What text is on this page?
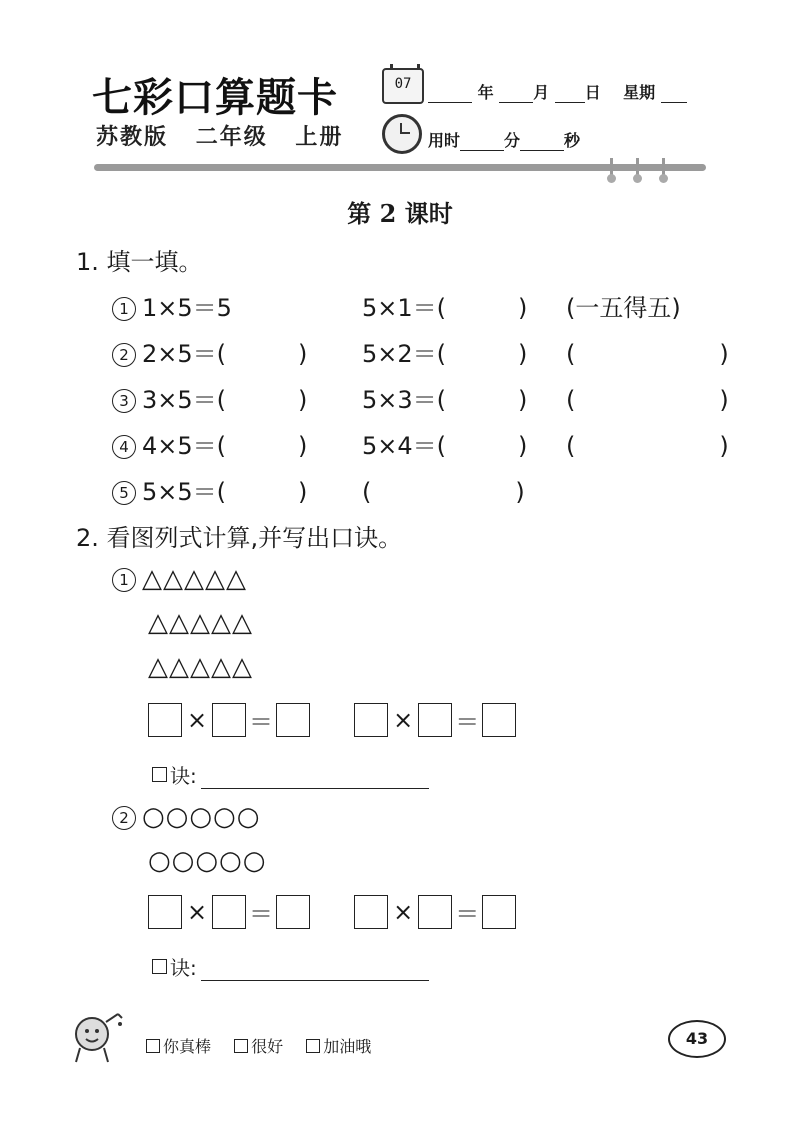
七彩口算题卡
苏教版 二年级 上册
07	年 月 日 星期
用时	分	秒
第 2 课时
1. 填一填。
1 1×5＝5	5×1＝(　　　) (一五得五)
2 2×5＝(　　　) 5×2＝(　　　) (　　　　　　)
3 3×5＝(　　　) 5×3＝(　　　) (　　　　　　)
4 4×5＝(　　　) 5×4＝(　　　) (　　　　　　)
5 5×5＝(　　　) (　　　　　　)
2. 看图列式计算,并写出口诀。
1 △△△△△
△△△△△
△△△△△
× ＝	× ＝
诀:
2 ○○○○○
○○○○○
× ＝	× ＝
诀:
你真棒	很好	加油哦	43
